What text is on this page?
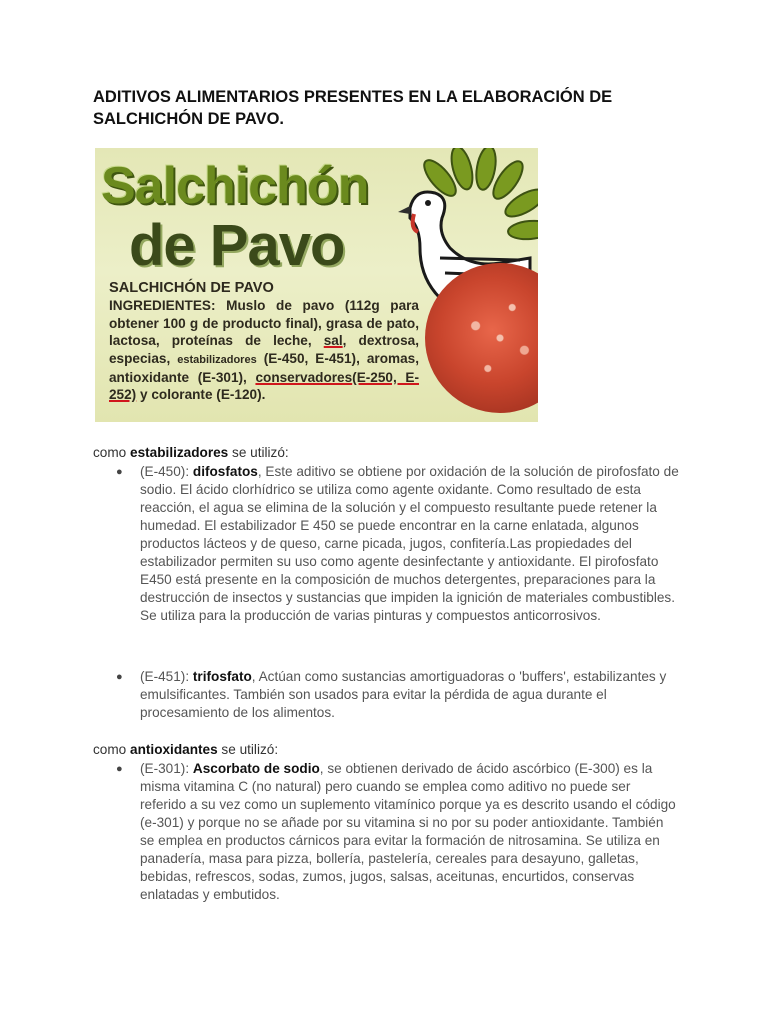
ADITIVOS ALIMENTARIOS PRESENTES EN LA ELABORACIÓN DE SALCHICHÓN DE PAVO.
Salchichón
de Pavo
SALCHICHÓN DE PAVO
INGREDIENTES: Muslo de pavo (112g para obtener 100 g de producto final), grasa de pato, lactosa, proteínas de leche, sal, dextrosa, especias, estabilizadores (E-450, E-451), aromas, antioxidante (E-301), conservadores(E-250, E-252) y colorante (E-120).

como estabilizadores se utilizó:

● (E-450): difosfatos, Este aditivo se obtiene por oxidación de la solución de pirofosfato de sodio. El ácido clorhídrico se utiliza como agente oxidante. Como resultado de esta reacción, el agua se elimina de la solución y el compuesto resultante puede retener la humedad. El estabilizador E 450 se puede encontrar en la carne enlatada, algunos productos lácteos y de queso, carne picada, jugos, confitería.Las propiedades del estabilizador permiten su uso como agente desinfectante y antioxidante. El pirofosfato E450 está presente en la composición de muchos detergentes, preparaciones para la destrucción de insectos y sustancias que impiden la ignición de materiales combustibles. Se utiliza para la producción de varias pinturas y compuestos anticorrosivos.
● (E-451): trifosfato, Actúan como sustancias amortiguadoras o 'buffers', estabilizantes y emulsificantes. También son usados para evitar la pérdida de agua durante el procesamiento de los alimentos.

como antioxidantes se utilizó:

● (E-301): Ascorbato de sodio, se obtienen derivado de ácido ascórbico (E-300) es la misma vitamina C (no natural) pero cuando se emplea como aditivo no puede ser referido a su vez como un suplemento vitamínico porque ya es descrito usando el código (e-301) y porque no se añade por su vitamina si no por su poder antioxidante. También se emplea en productos cárnicos para evitar la formación de nitrosamina. Se utiliza en panadería, masa para pizza, bollería, pastelería, cereales para desayuno, galletas, bebidas, refrescos, sodas, zumos, jugos, salsas, aceitunas, encurtidos, conservas enlatadas y embutidos.
